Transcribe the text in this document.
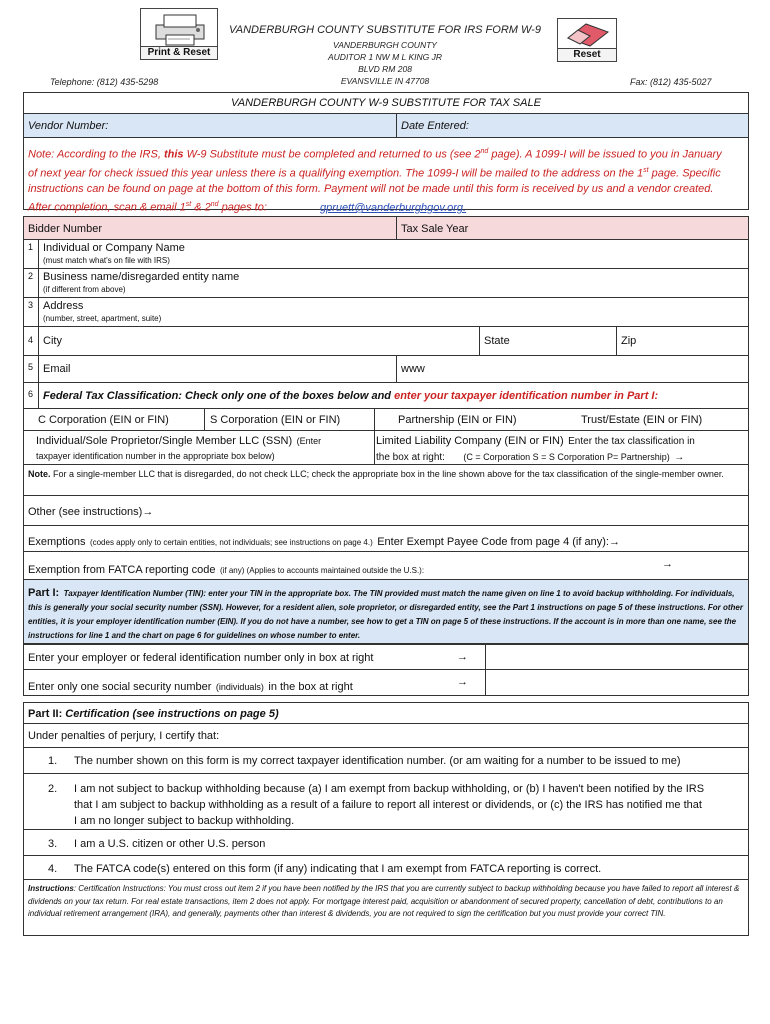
Print & Reset	Reset
VANDERBURGH COUNTY SUBSTITUTE FOR IRS FORM W-9
VANDERBURGH COUNTY
AUDITOR 1 NW M L KING JR
BLVD RM 208
EVANSVILLE IN 47708
Telephone: (812) 435-5298	Fax: (812) 435-5027
VANDERBURGH COUNTY W-9 SUBSTITUTE FOR TAX SALE
Vendor Number:	Date Entered:
Note: According to the IRS, this W-9 Substitute must be completed and returned to us (see 2nd page). A 1099-I will be issued to you in January
of next year for check issued this year unless there is a qualifying exemption. The 1099-I will be mailed to the address on the 1st page. Specific
instructions can be found on page at the bottom of this form. Payment will not be made until this form is received by us and a vendor created.
After completion, scan & email 1st & 2nd pages to:	gpruett@vanderburghgov.org.
Bidder Number	Tax Sale Year
1 Individual or Company Name
(must match what's on file with IRS)
2 Business name/disregarded entity name
(if different from above)
3 Address
(number, street, apartment, suite)
4 City	State	Zip
5 Email	www
6 Federal Tax Classification: Check only one of the boxes below and enter your taxpayer identification number in Part I:
C Corporation (EIN or FIN)	S Corporation (EIN or FIN)	Partnership (EIN or FIN)	Trust/Estate (EIN or FIN)
Individual/Sole Proprietor/Single Member LLC (SSN) (Enter
taxpayer identification number in the appropriate box below)
Limited Liability Company (EIN or FIN) Enter the tax classification in
the box at right: (C = Corporation S = S Corporation P= Partnership) →
Note. For a single-member LLC that is disregarded, do not check LLC; check the appropriate box in the line shown above for the tax classification of the single-member owner.
Other (see instructions)→
Exemptions (codes apply only to certain entities, not individuals; see instructions on page 4.) Enter Exempt Payee Code from page 4 (if any):→
Exemption from FATCA reporting code (if any) (Applies to accounts maintained outside the U.S.):
→
Part I: Taxpayer Identification Number (TIN): enter your TIN in the appropriate box. The TIN provided must match the name given on line 1 to avoid backup withholding. For individuals, this is generally your social security number (SSN). However, for a resident alien, sole proprietor, or disregarded entity, see the Part 1 instructions on page 5 of these instructions. For other entities, it is your employer identification number (EIN). If you do not have a number, see how to get a TIN on page 5 of these instructions. If the account is in more than one name, see the instructions for line 1 and the chart on page 6 for guidelines on whose number to enter.
Enter your employer or federal identification number only in box at right	→
Enter only one social security number (individuals) in the box at right	→
Part II: Certification (see instructions on page 5)
Under penalties of perjury, I certify that:
1. The number shown on this form is my correct taxpayer identification number. (or am waiting for a number to be issued to me)
2. I am not subject to backup withholding because (a) I am exempt from backup withholding, or (b) I haven't been notified by the IRS
that I am subject to backup withholding as a result of a failure to report all interest or dividends, or (c) the IRS has notified me that
I am no longer subject to backup withholding.
3. I am a U.S. citizen or other U.S. person
4. The FATCA code(s) entered on this form (if any) indicating that I am exempt from FATCA reporting is correct.
Instructions: Certification Instructions: You must cross out item 2 if you have been notified by the IRS that you are currently subject to backup withholding because you have failed to report all interest & dividends on your tax return. For real estate transactions, item 2 does not apply. For mortgage interest paid, acquisition or abandonment of secured property, cancellation of debt, contributions to an individual retirement arrangement (IRA), and generally, payments other than interest & dividends, you are not required to sign the certification but you must provide your correct TIN.
